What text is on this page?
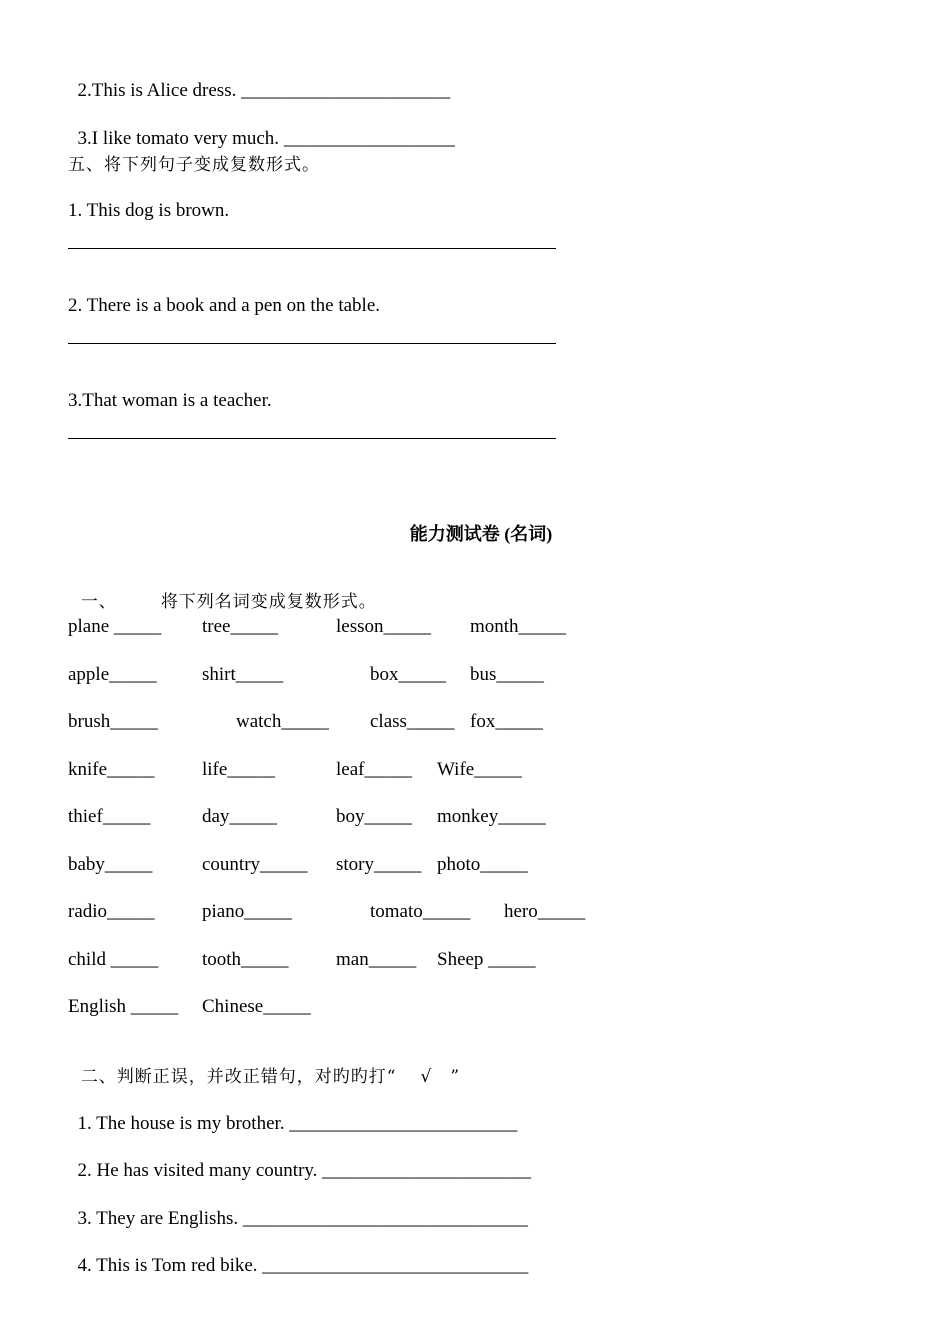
2.This is Alice dress. ______________________

3.I like tomato very much. __________________

五、将下列句子变成复数形式。
1. This dog is brown.
2. There is a book and a pen on the table.
3.That woman is a teacher.
能力测试卷 (名词)

一、	将下列名词变成复数形式。

plane _____ tree_____	lesson_____ month_____
apple_____ shirt_____	box_____ bus_____
brush_____	watch_____ class_____ fox_____
knife_____ life_____	leaf_____ Wife_____
thief_____	day_____	boy_____ monkey_____
baby_____	country_____ story_____ photo_____
radio_____ piano_____	tomato_____ hero_____
child _____ tooth_____ man_____ Sheep _____
English _____ Chinese_____

二、判断正误，并改正错句，对旳旳打“ √ ”

1. The house is my brother. ________________________

2. He has visited many country. ______________________

3. They are Englishs. ______________________________

4. This is Tom red bike. ____________________________
